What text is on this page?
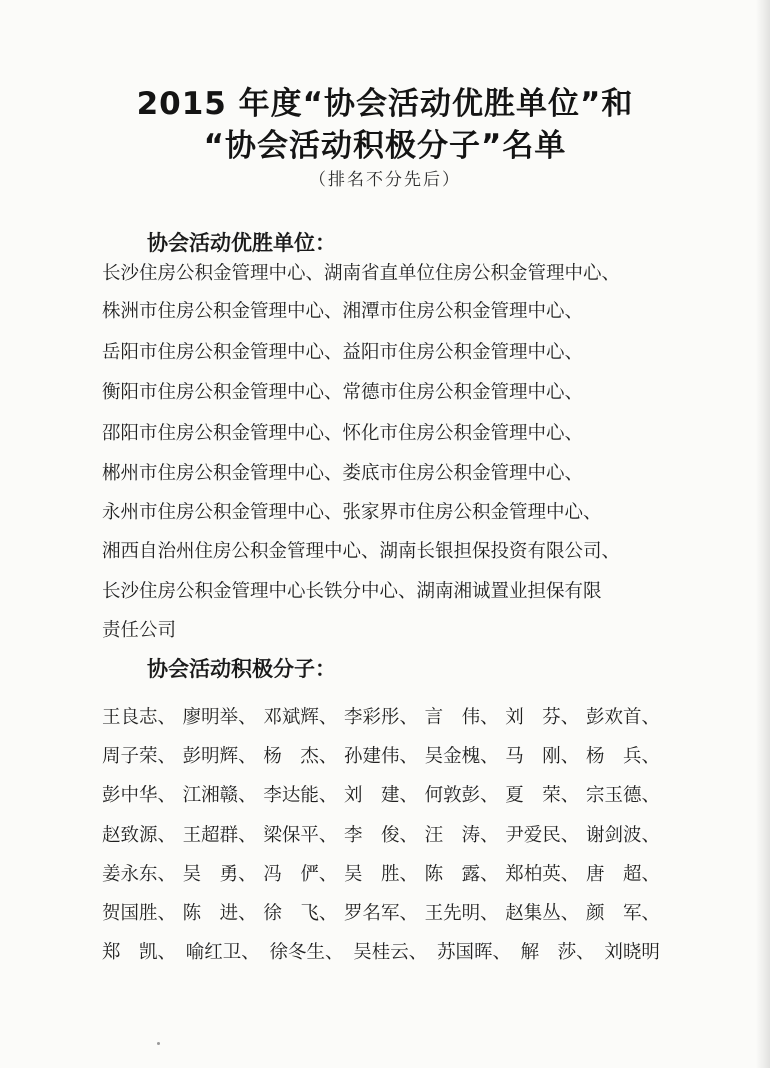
2015 年度“协会活动优胜单位”和
“协会活动积极分子”名单
（排名不分先后）
协会活动优胜单位：
长沙住房公积金管理中心、湖南省直单位住房公积金管理中心、
株洲市住房公积金管理中心、湘潭市住房公积金管理中心、
岳阳市住房公积金管理中心、益阳市住房公积金管理中心、
衡阳市住房公积金管理中心、常德市住房公积金管理中心、
邵阳市住房公积金管理中心、怀化市住房公积金管理中心、
郴州市住房公积金管理中心、娄底市住房公积金管理中心、
永州市住房公积金管理中心、张家界市住房公积金管理中心、
湘西自治州住房公积金管理中心、湖南长银担保投资有限公司、
长沙住房公积金管理中心长铁分中心、湖南湘诚置业担保有限
责任公司
协会活动积极分子：
王良志、 廖明举、 邓斌辉、 李彩彤、 言　伟、 刘　芬、 彭欢首、
周子荣、 彭明辉、 杨　杰、 孙建伟、 吴金槐、 马　刚、 杨　兵、
彭中华、 江湘赣、 李达能、 刘　建、 何敦彭、 夏　荣、 宗玉德、
赵致源、 王超群、 梁保平、 李　俊、 汪　涛、 尹爱民、 谢剑波、
姜永东、 吴　勇、 冯　俨、 吴　胜、 陈　露、 郑柏英、 唐　超、
贺国胜、 陈　进、 徐　飞、 罗名军、 王先明、 赵集丛、 颜　军、
郑　凯、 喻红卫、 徐冬生、 吴桂云、 苏国晖、 解　莎、 刘晓明
